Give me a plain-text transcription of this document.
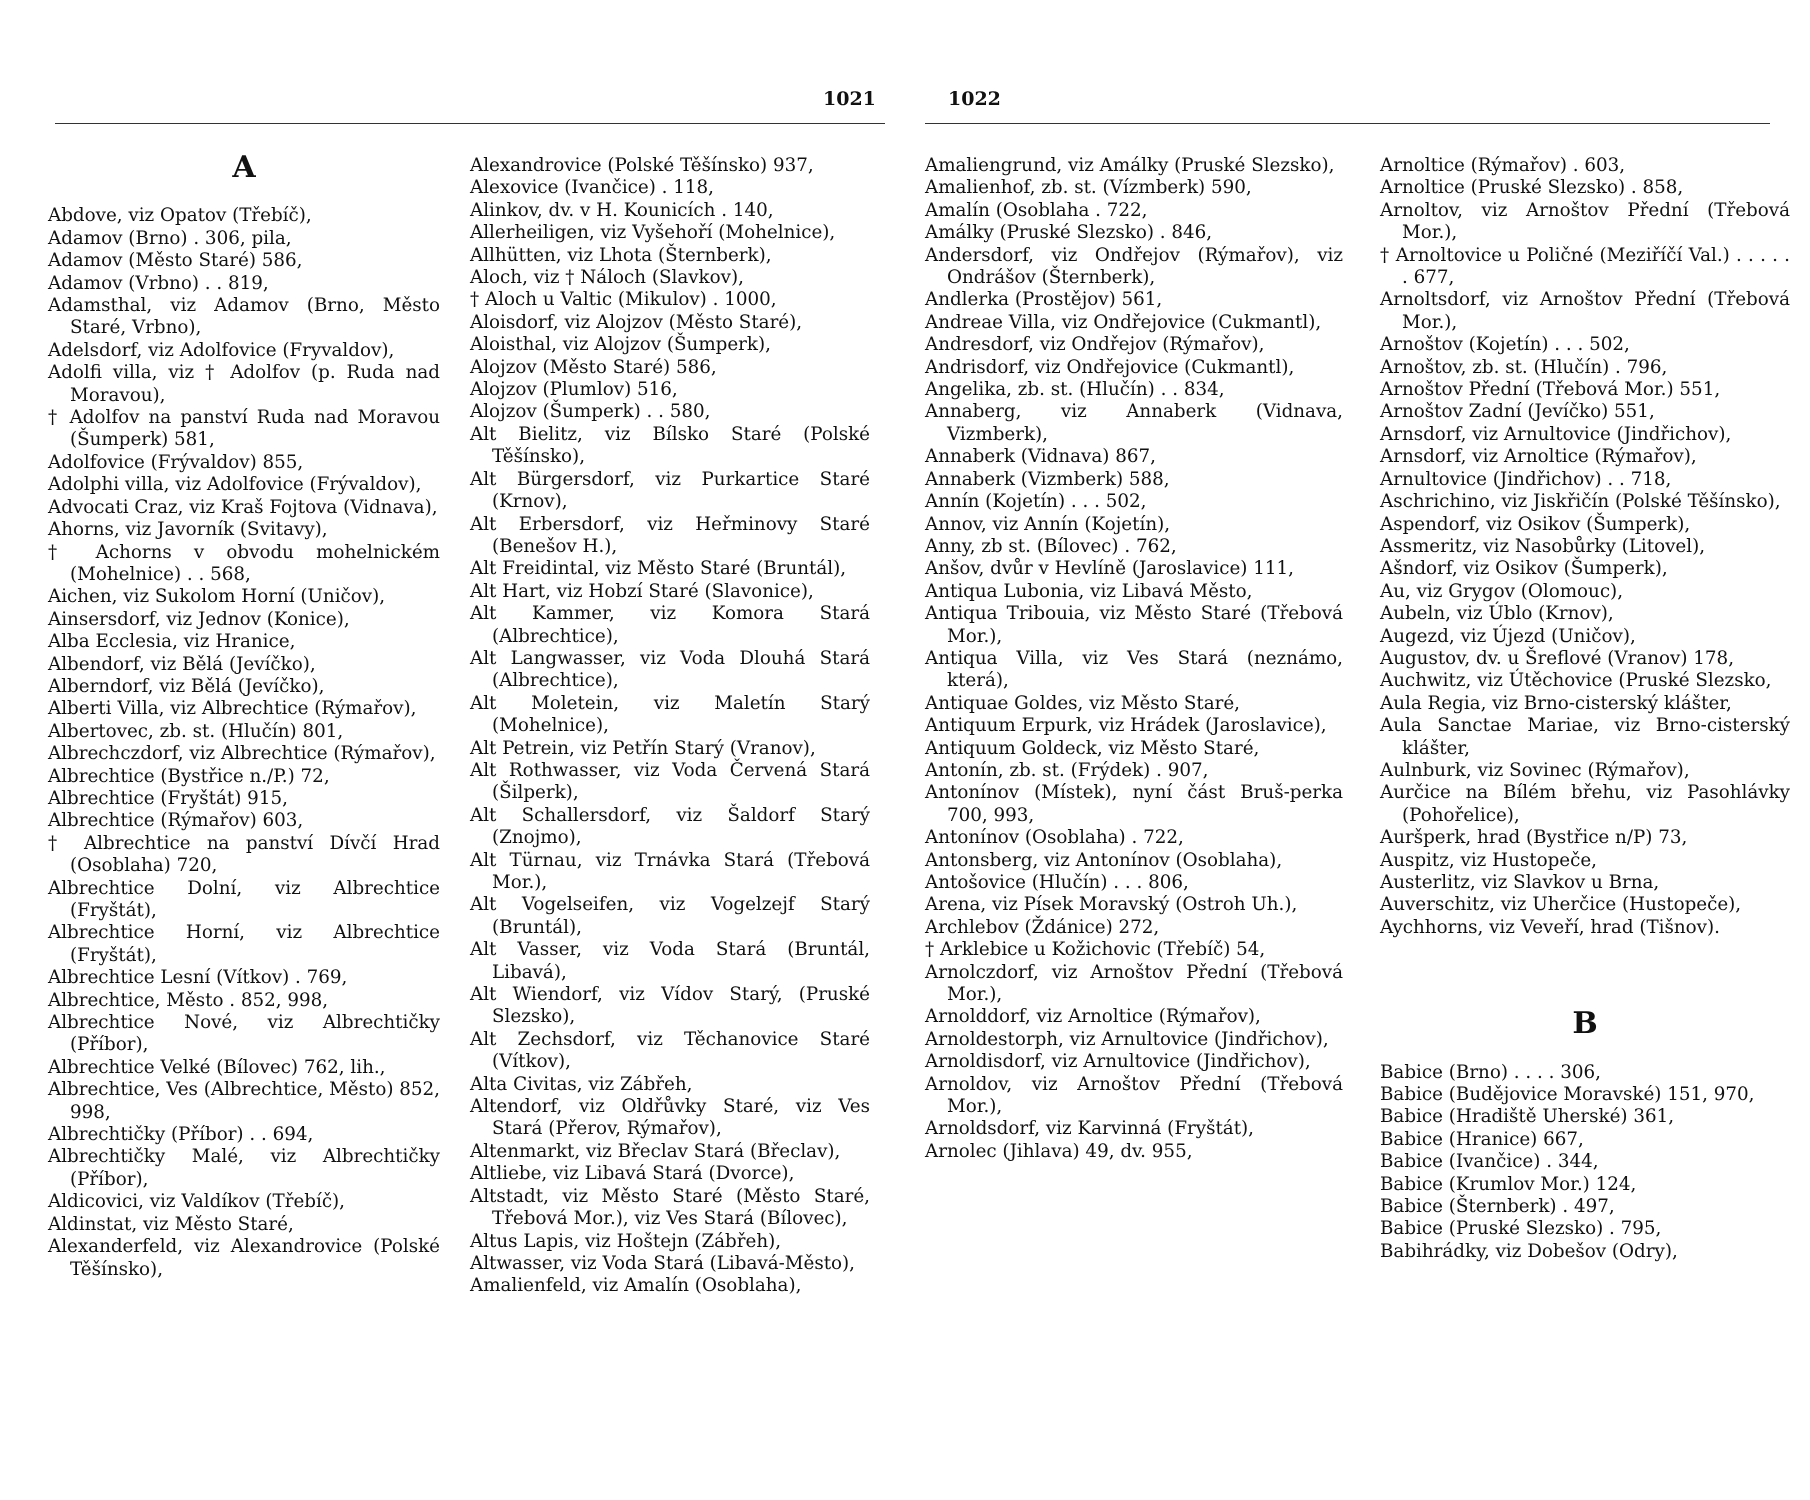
1021
A

Abdove, viz Opatov (Třebíč),

Adamov (Brno) . 306, pila,

Adamov (Město Staré) 586,

Adamov (Vrbno) . . 819,

Adamsthal, viz Adamov (Brno, Město Staré, Vrbno),

Adelsdorf, viz Adolfovice (Fryvaldov),

Adolfi villa, viz † Adolfov (p. Ruda nad Moravou),

† Adolfov na panství Ruda nad Moravou (Šumperk) 581,

Adolfovice (Frývaldov) 855,

Adolphi villa, viz Adolfovice (Frývaldov),

Advocati Craz, viz Kraš Fojtova (Vidnava),

Ahorns, viz Javorník (Svitavy),

† Achorns v obvodu mohelnickém (Mohelnice) . . 568,

Aichen, viz Sukolom Horní (Uničov),

Ainsersdorf, viz Jednov (Konice),

Alba Ecclesia, viz Hranice,

Albendorf, viz Bělá (Jevíčko),

Alberndorf, viz Bělá (Jevíčko),

Alberti Villa, viz Albrechtice (Rýmařov),

Albertovec, zb. st. (Hlučín) 801,

Albrechczdorf, viz Albrechtice (Rýmařov),

Albrechtice (Bystřice n./P.) 72,

Albrechtice (Fryštát) 915,

Albrechtice (Rýmařov) 603,

† Albrechtice na panství Dívčí Hrad (Osoblaha) 720,

Albrechtice Dolní, viz Albrechtice (Fryštát),

Albrechtice Horní, viz Albrechtice (Fryštát),

Albrechtice Lesní (Vítkov) . 769,

Albrechtice, Město . 852, 998,

Albrechtice Nové, viz Albrechtičky (Příbor),

Albrechtice Velké (Bílovec) 762, lih.,

Albrechtice, Ves (Albrechtice, Město) 852, 998,

Albrechtičky (Příbor) . . 694,

Albrechtičky Malé, viz Albrechtičky (Příbor),

Aldicovici, viz Valdíkov (Třebíč),

Aldinstat, viz Město Staré,

Alexanderfeld, viz Alexandrovice (Polské Těšínsko),

Alexandrovice (Polské Těšínsko) 937,

Alexovice (Ivančice) . 118,

Alinkov, dv. v H. Kounicích . 140,

Allerheiligen, viz Vyšehoří (Mohelnice),

Allhütten, viz Lhota (Šternberk),

Aloch, viz † Náloch (Slavkov),

† Aloch u Valtic (Mikulov) . 1000,

Aloisdorf, viz Alojzov (Město Staré),

Aloisthal, viz Alojzov (Šumperk),

Alojzov (Město Staré) 586,

Alojzov (Plumlov) 516,

Alojzov (Šumperk) . . 580,

Alt Bielitz, viz Bílsko Staré (Polské Těšínsko),

Alt Bürgersdorf, viz Purkartice Staré (Krnov),

Alt Erbersdorf, viz Heřminovy Staré (Benešov H.),

Alt Freidintal, viz Město Staré (Bruntál),

Alt Hart, viz Hobzí Staré (Slavonice),

Alt Kammer, viz Komora Stará (Albrechtice),

Alt Langwasser, viz Voda Dlouhá Stará (Albrechtice),

Alt Moletein, viz Maletín Starý (Mohelnice),

Alt Petrein, viz Petřín Starý (Vranov),

Alt Rothwasser, viz Voda Červená Stará (Šilperk),

Alt Schallersdorf, viz Šaldorf Starý (Znojmo),

Alt Türnau, viz Trnávka Stará (Třebová Mor.),

Alt Vogelseifen, viz Vogelzejf Starý (Bruntál),

Alt Vasser, viz Voda Stará (Bruntál, Libavá),

Alt Wiendorf, viz Vídov Starý, (Pruské Slezsko),

Alt Zechsdorf, viz Těchanovice Staré (Vítkov),

Alta Civitas, viz Zábřeh,

Altendorf, viz Oldřůvky Staré, viz Ves Stará (Přerov, Rýmařov),

Altenmarkt, viz Břeclav Stará (Břeclav),

Altliebe, viz Libavá Stará (Dvorce),

Altstadt, viz Město Staré (Město Staré, Třebová Mor.), viz Ves Stará (Bílovec),

Altus Lapis, viz Hoštejn (Zábřeh),

Altwasser, viz Voda Stará (Libavá-Město),

Amalienfeld, viz Amalín (Osoblaha),

1022

Amaliengrund, viz Amálky (Pruské Slezsko),

Amalienhof, zb. st. (Vízmberk) 590,

Amalín (Osoblaha . 722,

Amálky (Pruské Slezsko) . 846,

Andersdorf, viz Ondřejov (Rýmařov), viz Ondrášov (Šternberk),

Andlerka (Prostějov) 561,

Andreae Villa, viz Ondřejovice (Cukmantl),

Andresdorf, viz Ondřejov (Rýmařov),

Andrisdorf, viz Ondřejovice (Cukmantl),

Angelika, zb. st. (Hlučín) . . 834,

Annaberg, viz Annaberk (Vidnava, Vizmberk),

Annaberk (Vidnava) 867,

Annaberk (Vizmberk) 588,

Annín (Kojetín) . . . 502,

Annov, viz Annín (Kojetín),

Anny, zb st. (Bílovec) . 762,

Anšov, dvůr v Hevlíně (Jaroslavice) 111,

Antiqua Lubonia, viz Libavá Město,

Antiqua Tribouia, viz Město Staré (Třebová Mor.),

Antiqua Villa, viz Ves Stará (neznámo, která),

Antiquae Goldes, viz Město Staré,

Antiquum Erpurk, viz Hrádek (Jaroslavice),

Antiquum Goldeck, viz Město Staré,

Antonín, zb. st. (Frýdek) . 907,

Antonínov (Místek), nyní část Bruš-perka 700, 993,

Antonínov (Osoblaha) . 722,

Antonsberg, viz Antonínov (Osoblaha),

Antošovice (Hlučín) . . . 806,

Arena, viz Písek Moravský (Ostroh Uh.),

Archlebov (Ždánice) 272,

† Arklebice u Kožichovic (Třebíč) 54,

Arnolczdorf, viz Arnoštov Přední (Třebová Mor.),

Arnolddorf, viz Arnoltice (Rýmařov),

Arnoldestorph, viz Arnultovice (Jindřichov),

Arnoldisdorf, viz Arnultovice (Jindřichov),

Arnoldov, viz Arnoštov Přední (Třebová Mor.),

Arnoldsdorf, viz Karvinná (Fryštát),

Arnolec (Jihlava) 49, dv. 955,

Arnoltice (Rýmařov) . 603,

Arnoltice (Pruské Slezsko) . 858,

Arnoltov, viz Arnoštov Přední (Třebová Mor.),

† Arnoltovice u Poličné (Meziříčí Val.) . . . . . . 677,

Arnoltsdorf, viz Arnoštov Přední (Třebová Mor.),

Arnoštov (Kojetín) . . . 502,

Arnoštov, zb. st. (Hlučín) . 796,

Arnoštov Přední (Třebová Mor.) 551,

Arnoštov Zadní (Jevíčko) 551,

Arnsdorf, viz Arnultovice (Jindřichov),

Arnsdorf, viz Arnoltice (Rýmařov),

Arnultovice (Jindřichov) . . 718,

Aschrichino, viz Jiskřičín (Polské Těšínsko),

Aspendorf, viz Osikov (Šumperk),

Assmeritz, viz Nasobůrky (Litovel),

Ašndorf, viz Osikov (Šumperk),

Au, viz Grygov (Olomouc),

Aubeln, viz Úblo (Krnov),

Augezd, viz Újezd (Uničov),

Augustov, dv. u Šreflové (Vranov) 178,

Auchwitz, viz Útěchovice (Pruské Slezsko,

Aula Regia, viz Brno-cisterský klášter,

Aula Sanctae Mariae, viz Brno-cisterský klášter,

Aulnburk, viz Sovinec (Rýmařov),

Aurčice na Bílém břehu, viz Pasohlávky (Pohořelice),

Auršperk, hrad (Bystřice n/P) 73,

Auspitz, viz Hustopeče,

Austerlitz, viz Slavkov u Brna,

Auverschitz, viz Uherčice (Hustopeče),

Aychhorns, viz Veveří, hrad (Tišnov).

B

Babice (Brno) . . . . 306,

Babice (Budějovice Moravské) 151, 970,

Babice (Hradiště Uherské) 361,

Babice (Hranice) 667,

Babice (Ivančice) . 344,

Babice (Krumlov Mor.) 124,

Babice (Šternberk) . 497,

Babice (Pruské Slezsko) . 795,

Babihrádky, viz Dobešov (Odry),
